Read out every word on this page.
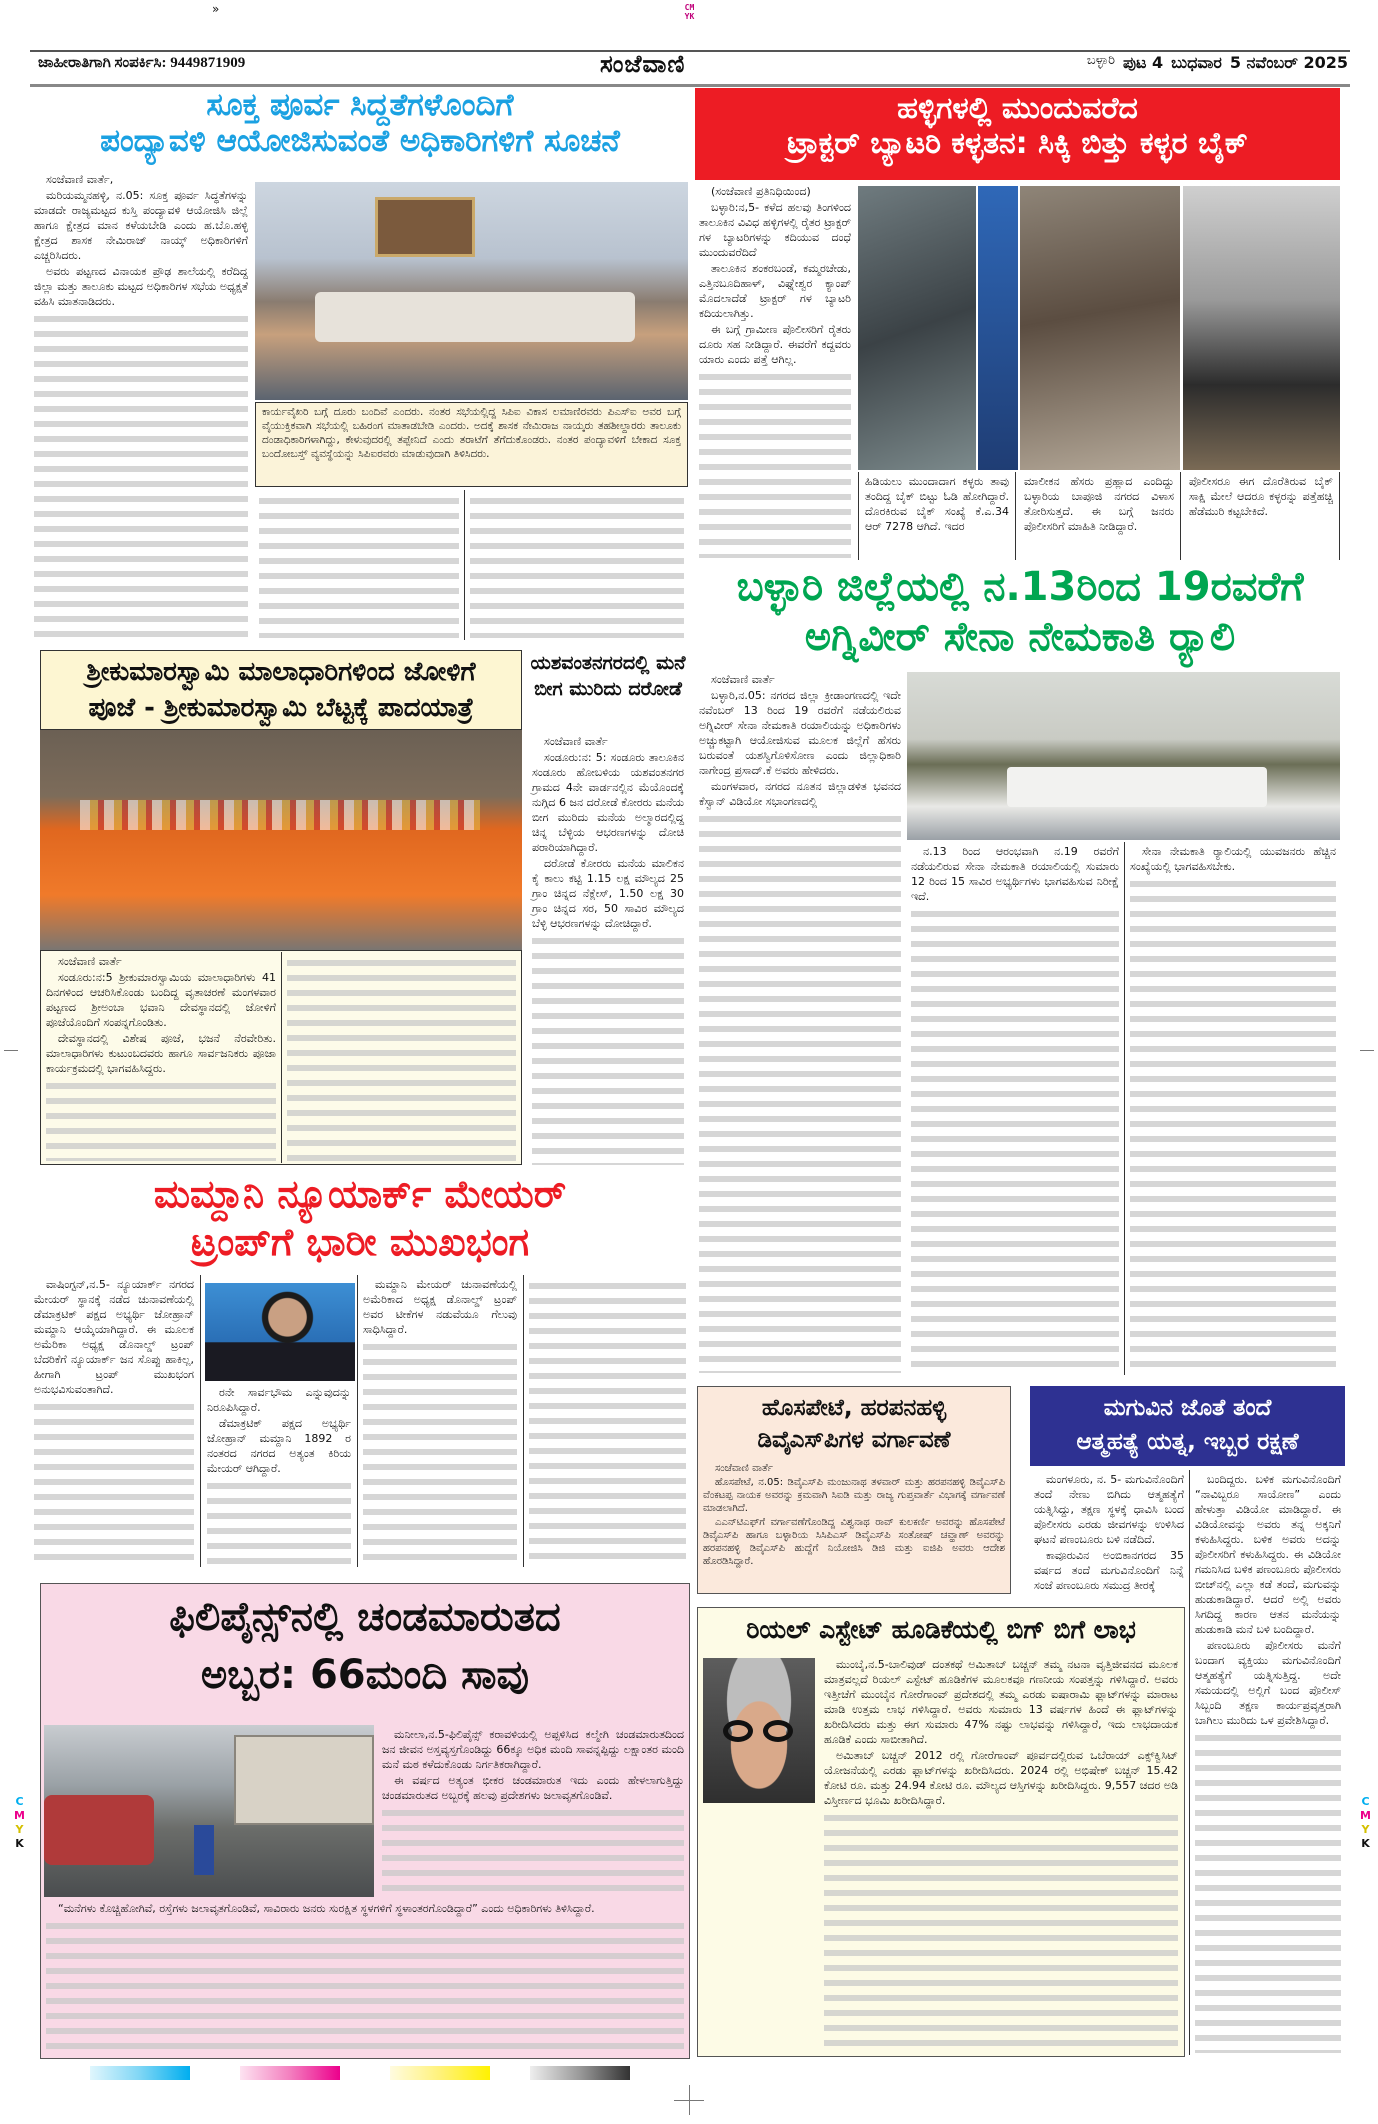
»	CMYK
ಜಾಹೀರಾತಿಗಾಗಿ ಸಂಪರ್ಕಿಸಿ: 9449871909	ಸಂಜೆವಾಣಿ	ಬಳ್ಳಾರಿ ಪುಟ 4 ಬುಧವಾರ 5 ನವೆಂಬರ್ 2025
ಸೂಕ್ತ ಪೂರ್ವ ಸಿದ್ದತೆಗಳೊಂದಿಗೆ
ಪಂದ್ಯಾವಳಿ ಆಯೋಜಿಸುವಂತೆ ಅಧಿಕಾರಿಗಳಿಗೆ ಸೂಚನೆ

ಸಂಜೆವಾಣಿ ವಾರ್ತೆ,

ಮರಿಯಮ್ಮನಹಳ್ಳಿ, ನ.05: ಸೂಕ್ತ ಪೂರ್ವ ಸಿದ್ಧತೆಗಳನ್ನು ಮಾಡದೇ ರಾಜ್ಯಮಟ್ಟದ ಕುಸ್ತಿ ಪಂದ್ಯಾವಳಿ ಆಯೋಜಿಸಿ ಜಿಲ್ಲೆ ಹಾಗೂ ಕ್ಷೇತ್ರದ ಮಾನ ಕಳೆಯಬೇಡಿ ಎಂದು ಹ.ಬೊ.ಹಳ್ಳಿ ಕ್ಷೇತ್ರದ ಶಾಸಕ ನೇಮಿರಾಜ್ ನಾಯ್ಕ್ ಅಧಿಕಾರಿಗಳಿಗೆ ಎಚ್ಚರಿಸಿದರು.

ಅವರು ಪಟ್ಟಣದ ವಿನಾಯಕ ಪ್ರೌಢ ಶಾಲೆಯಲ್ಲಿ ಕರೆದಿದ್ದ ಜಿಲ್ಲಾ ಮತ್ತು ತಾಲೂಕು ಮಟ್ಟದ ಅಧಿಕಾರಿಗಳ ಸಭೆಯ ಅಧ್ಯಕ್ಷತೆ ವಹಿಸಿ ಮಾತನಾಡಿದರು.

ಕಾರ್ಯವೈಖರಿ ಬಗ್ಗೆ ದೂರು ಬಂದಿವೆ ಎಂದರು. ನಂತರ ಸಭೆಯಲ್ಲಿದ್ದ ಸಿಪಿಐ ವಿಕಾಸ ಲಮಾಣಿರವರು ಪಿಎಸ್ಐ ಅವರ ಬಗ್ಗೆ ವೈಯುಕ್ತಿಕವಾಗಿ ಸಭೆಯಲ್ಲಿ ಬಹಿರಂಗ ಮಾತಾಡಬೇಡಿ ಎಂದರು. ಅದಕ್ಕೆ ಶಾಸಕ ನೇಮಿರಾಜ ನಾಯ್ಕರು ತಹಶೀಲ್ದಾರರು ತಾಲೂಕು ದಂಡಾಧಿಕಾರಿಗಳಾಗಿದ್ದು, ಕೇಳುವುದರಲ್ಲಿ ತಪ್ಪೇನಿದೆ ಎಂದು ತರಾಟೆಗೆ ತೆಗೆದುಕೊಂಡರು. ನಂತರ ಪಂದ್ಯಾವಳಿಗೆ ಬೇಕಾದ ಸೂಕ್ತ ಬಂದೋಬಸ್ತ್ ವ್ಯವಸ್ಥೆಯನ್ನು ಸಿಪಿಐರವರು ಮಾಡುವುದಾಗಿ ತಿಳಿಸಿದರು.
ಹಳ್ಳಿಗಳಲ್ಲಿ ಮುಂದುವರೆದ
ಟ್ರಾಕ್ಟರ್ ಬ್ಯಾಟರಿ ಕಳ್ಳತನ: ಸಿಕ್ಕಿ ಬಿತ್ತು ಕಳ್ಳರ ಬೈಕ್

(ಸಂಜೆವಾಣಿ ಪ್ರತಿನಿಧಿಯಿಂದ)

ಬಳ್ಳಾರಿ:ನ,5- ಕಳೆದ ಹಲವು ತಿಂಗಳಿಂದ ತಾಲೂಕಿನ ವಿವಿಧ ಹಳ್ಳಿಗಳಲ್ಲಿ ರೈತರ ಟ್ರಾಕ್ಟರ್ ಗಳ ಬ್ಯಾಟರಿಗಳನ್ನು ಕದಿಯುವ ದಂಧೆ ಮುಂದುವರೆದಿದೆ

ತಾಲೂಕಿನ ಶಂಕರಬಂಡೆ, ಕಮ್ಮರಚೇಡು, ಎತ್ತಿನಬೂದಿಹಾಳ್, ವಿಘ್ನೇಶ್ವರ ಕ್ಯಾಂಪ್ ಮೊದಲಾದೆಡೆ ಟ್ರಾಕ್ಟರ್ ಗಳ ಬ್ಯಾಟರಿ ಕದಿಯಲಾಗಿತ್ತು.

ಈ ಬಗ್ಗೆ ಗ್ರಾಮೀಣ ಪೊಲೀಸರಿಗೆ ರೈತರು ದೂರು ಸಹ ನೀಡಿದ್ದಾರೆ. ಈವರೆಗೆ ಕದ್ದವರು ಯಾರು ಎಂದು ಪತ್ತೆ ಆಗಿಲ್ಲ.

ಹಿಡಿಯಲು ಮುಂದಾದಾಗ ಕಳ್ಳರು ತಾವು ತಂದಿದ್ದ ಬೈಕ್ ಬಿಟ್ಟು ಓಡಿ ಹೋಗಿದ್ದಾರೆ. ದೊರಕಿರುವ ಬೈಕ್ ಸಂಖ್ಯೆ ಕೆ.ಎ.34 ಆರ್ 7278 ಆಗಿದೆ. ಇದರ
ಮಾಲೀಕನ ಹೆಸರು ಪ್ರಹ್ಲಾದ ಎಂದಿದ್ದು ಬಳ್ಳಾರಿಯ ಬಾಪೂಜಿ ನಗರದ ವಿಳಾಸ ತೋರಿಸುತ್ತದೆ. ಈ ಬಗ್ಗೆ ಜನರು ಪೊಲೀಸರಿಗೆ ಮಾಹಿತಿ ನೀಡಿದ್ದಾರೆ.
ಪೊಲೀಸರೂ ಈಗ ದೊರೆತಿರುವ ಬೈಕ್ ಸಾಕ್ಷಿ ಮೇಲೆ ಆದರೂ ಕಳ್ಳರನ್ನು ಪತ್ತೆಹಚ್ಚಿ ಹೆಡೆಮುರಿ ಕಟ್ಟಬೇಕಿದೆ.
ಬಳ್ಳಾರಿ ಜಿಲ್ಲೆಯಲ್ಲಿ ನ.13ರಿಂದ 19ರವರೆಗೆ
ಅಗ್ನಿವೀರ್ ಸೇನಾ ನೇಮಕಾತಿ ರ್‍ಯಾಲಿ

ಸಂಜೆವಾಣಿ ವಾರ್ತೆ

ಬಳ್ಳಾರಿ,ನ.05: ನಗರದ ಜಿಲ್ಲಾ ಕ್ರೀಡಾಂಗಣದಲ್ಲಿ ಇದೇ ನವೆಂಬರ್ 13 ರಿಂದ 19 ರವರೆಗೆ ನಡೆಯಲಿರುವ ಅಗ್ನಿವೀರ್ ಸೇನಾ ನೇಮಕಾತಿ ರಯಾಲಿಯನ್ನು ಅಧಿಕಾರಿಗಳು ಅಚ್ಚುಕಟ್ಟಾಗಿ ಆಯೋಜಿಸುವ ಮೂಲಕ ಜಿಲ್ಲೆಗೆ ಹೆಸರು ಬರುವಂತೆ ಯಶಸ್ವಿಗೊಳಿಸೋಣ ಎಂದು ಜಿಲ್ಲಾಧಿಕಾರಿ ನಾಗೇಂದ್ರ ಪ್ರಸಾದ್.ಕೆ ಅವರು ಹೇಳಿದರು.

ಮಂಗಳವಾರ, ನಗರದ ನೂತನ ಜಿಲ್ಲಾಡಳಿತ ಭವನದ ಕೆಸ್ವಾನ್ ವಿಡಿಯೋ ಸಭಾಂಗಣದಲ್ಲಿ

ನ.13 ರಿಂದ ಆರಂಭವಾಗಿ ನ.19 ರವರೆಗೆ ನಡೆಯಲಿರುವ ಸೇನಾ ನೇಮಕಾತಿ ರಯಾಲಿಯಲ್ಲಿ ಸುಮಾರು 12 ರಿಂದ 15 ಸಾವಿರ ಅಭ್ಯರ್ಥಿಗಳು ಭಾಗವಹಿಸುವ ನಿರೀಕ್ಷೆ ಇದೆ.

ಸೇನಾ ನೇಮಕಾತಿ ರ್‍ಯಾಲಿಯಲ್ಲಿ ಯುವಜನರು ಹೆಚ್ಚಿನ ಸಂಖ್ಯೆಯಲ್ಲಿ ಭಾಗವಹಿಸಬೇಕು.

ಶ್ರೀಕುಮಾರಸ್ವಾಮಿ ಮಾಲಾಧಾರಿಗಳಿಂದ ಜೋಳಿಗೆ
ಪೂಜೆ - ಶ್ರೀಕುಮಾರಸ್ವಾಮಿ ಬೆಟ್ಟಕ್ಕೆ ಪಾದಯಾತ್ರೆ

ಸಂಜೆವಾಣಿ ವಾರ್ತೆ

ಸಂಡೂರು:ನ:5 ಶ್ರೀಕುಮಾರಸ್ವಾಮಿಯ ಮಾಲಾಧಾರಿಗಳು 41 ದಿನಗಳಿಂದ ಆಚರಿಸಿಕೊಂಡು ಬಂದಿದ್ದ ವೃತಾಚರಣೆ ಮಂಗಳವಾರ ಪಟ್ಟಣದ ಶ್ರೀಅಂಬಾ ಭವಾನಿ ದೇವಸ್ಥಾನದಲ್ಲಿ ಜೋಳಿಗೆ ಪೂಜೆಯೊಂದಿಗೆ ಸಂಪನ್ನಗೊಂಡಿತು.

ದೇವಸ್ಥಾನದಲ್ಲಿ ವಿಶೇಷ ಪೂಜೆ, ಭಜನೆ ನೆರವೇರಿತು. ಮಾಲಾಧಾರಿಗಳು ಕುಟುಂಬದವರು ಹಾಗೂ ಸಾರ್ವಜನಿಕರು ಪೂಜಾ ಕಾರ್ಯಕ್ರಮದಲ್ಲಿ ಭಾಗವಹಿಸಿದ್ದರು.

ಯಶವಂತನಗರದಲ್ಲಿ ಮನೆ ಬೀಗ ಮುರಿದು ದರೋಡೆ

ಸಂಜೆವಾಣಿ ವಾರ್ತೆ

ಸಂಡೂರು:ನ: 5: ಸಂಡೂರು ತಾಲೂಕಿನ ಸಂಡೂರು ಹೋಬಳಿಯ ಯಶವಂತನಗರ ಗ್ರಾಮದ 4ನೇ ವಾರ್ಡನಲ್ಲಿನ ಮೆಯೊಂದಕ್ಕೆ ನುಗ್ಗಿದ 6 ಜನ ದರೋಡೆ ಕೋರರು ಮನೆಯ ಬೀಗ ಮುರಿದು ಮನೆಯ ಅಲ್ಮಾರದಲ್ಲಿದ್ದ ಚಿನ್ನ ಬೆಳ್ಳಿಯ ಆಭರಣಗಳನ್ನು ದೋಚಿ ಪರಾರಿಯಾಗಿದ್ದಾರೆ.

ದರೋಡೆ ಕೋರರು ಮನೆಯ ಮಾಲಿಕನ ಕೈ ಕಾಲು ಕಟ್ಟಿ 1.15 ಲಕ್ಷ ಮೌಲ್ಯದ 25 ಗ್ರಾಂ ಚಿನ್ನದ ನೆಕ್ಲೇಸ್, 1.50 ಲಕ್ಷ 30 ಗ್ರಾಂ ಚಿನ್ನದ ಸರ, 50 ಸಾವಿರ ಮೌಲ್ಯದ ಬೆಳ್ಳಿ ಆಭರಣಗಳನ್ನು ದೋಚಿದ್ದಾರೆ.

ಮಮ್ದಾನಿ ನ್ಯೂಯಾರ್ಕ್ ಮೇಯರ್
ಟ್ರಂಪ್‌ಗೆ ಭಾರೀ ಮುಖಭಂಗ

ವಾಷಿಂಗ್ಟನ್,ನ.5- ನ್ಯೂಯಾರ್ಕ್ ನಗರದ ಮೇಯರ್ ಸ್ಥಾನಕ್ಕೆ ನಡೆದ ಚುನಾವಣೆಯಲ್ಲಿ ಡೆಮಾಕ್ರಟಿಕ್ ಪಕ್ಷದ ಅಭ್ಯರ್ಥಿ ಜೋಹ್ರಾನ್ ಮಮ್ದಾನಿ ಆಯ್ಕೆಯಾಗಿದ್ದಾರೆ. ಈ ಮೂಲಕ ಅಮೆರಿಕಾ ಅಧ್ಯಕ್ಷ ಡೊನಾಲ್ಡ್ ಟ್ರಂಪ್ ಬೆದರಿಕೆಗೆ ನ್ಯೂಯಾರ್ಕ್ ಜನ ಸೊಪ್ಪು ಹಾಕಿಲ್ಲ, ಹೀಗಾಗಿ ಟ್ರಂಪ್ ಮುಖಭಂಗ ಅನುಭವಿಸುವಂತಾಗಿದೆ.	ರನೇ ಸಾರ್ವಭೌಮ ಎನ್ನುವುದನ್ನು ನಿರೂಪಿಸಿದ್ದಾರೆ.

ಡೆಮಾಕ್ರಟಿಕ್ ಪಕ್ಷದ ಅಭ್ಯರ್ಥಿ ಜೋಹ್ರಾನ್ ಮಮ್ದಾನಿ 1892 ರ ನಂತರದ ನಗರದ ಅತ್ಯಂತ ಕಿರಿಯ ಮೇಯರ್ ಆಗಿದ್ದಾರೆ.

ಮಮ್ದಾನಿ ಮೇಯರ್ ಚುನಾವಣೆಯಲ್ಲಿ ಅಮೆರಿಕಾದ ಅಧ್ಯಕ್ಷ ಡೊನಾಲ್ಡ್ ಟ್ರಂಪ್ ಅವರ ಟೀಕೆಗಳ ನಡುವೆಯೂ ಗೆಲುವು ಸಾಧಿಸಿದ್ದಾರೆ.

ಹೊಸಪೇಟೆ, ಹರಪನಹಳ್ಳಿ
ಡಿವೈಎಸ್‌ಪಿಗಳ ವರ್ಗಾವಣೆ

ಸಂಜೆವಾಣಿ ವಾರ್ತೆ

ಹೊಸಪೇಟೆ, ನ.05: ಡಿವೈಎಸ್‌ಪಿ ಮಂಜುನಾಥ ತಳವಾರ್ ಮತ್ತು ಹರಪನಹಳ್ಳಿ ಡಿವೈಎಸ್‌ಪಿ ವೆಂಕಟಪ್ಪ ನಾಯಕ ಅವರನ್ನು ಕ್ರಮವಾಗಿ ಸಿಐಡಿ ಮತ್ತು ರಾಜ್ಯ ಗುಪ್ತವಾರ್ತೆ ವಿಭಾಗಕ್ಕೆ ವರ್ಗಾವಣೆ ಮಾಡಲಾಗಿದೆ.

ಎಎನ್‌ಟಿಎಫ್‌ಗೆ ವರ್ಗಾವಣೆಗೊಂಡಿದ್ದ ವಿಶ್ವನಾಥ ರಾವ್ ಕುಲಕರ್ಣಿ ಅವರನ್ನು ಹೊಸಪೇಟೆ ಡಿವೈಎಸ್‌ಪಿ ಹಾಗೂ ಬಳ್ಳಾರಿಯ ಸಿಸಿಪಿಎಸ್ ಡಿವೈಎಸ್‌ಪಿ ಸಂತೋಷ್ ಚವ್ಹಾಣ್ ಅವರನ್ನು ಹರಪನಹಳ್ಳಿ ಡಿವೈಎಸ್‌ಪಿ ಹುದ್ದೆಗೆ ನಿಯೋಜಿಸಿ ಡಿಜಿ ಮತ್ತು ಐಜಿಪಿ ಅವರು ಆದೇಶ ಹೊರಡಿಸಿದ್ದಾರೆ.

ಮಗುವಿನ ಜೊತೆ ತಂದೆ
ಆತ್ಮಹತ್ಯೆ ಯತ್ನ, ಇಬ್ಬರ ರಕ್ಷಣೆ

ಮಂಗಳೂರು, ನ. 5- ಮಗುವಿನೊಂದಿಗೆ ತಂದೆ ನೇಣು ಬಿಗಿದು ಆತ್ಮಹತ್ಯೆಗೆ ಯತ್ನಿಸಿದ್ದು, ತಕ್ಷಣ ಸ್ಥಳಕ್ಕೆ ಧಾವಿಸಿ ಬಂದ ಪೊಲೀಸರು ಎರಡು ಜೀವಗಳನ್ನು ಉಳಿಸಿದ ಘಟನೆ ಪಣಂಬೂರು ಬಳಿ ನಡೆದಿದೆ.

ಕಾವೂರುವಿನ ಅಂಬಿಕಾನಗರದ 35 ವರ್ಷದ ತಂದೆ ಮಗುವಿನೊಂದಿಗೆ ನಿನ್ನೆ ಸಂಜೆ ಪಣಂಬೂರು ಸಮುದ್ರ ತೀರಕ್ಕೆ

ಬಂದಿದ್ದರು. ಬಳಿಕ ಮಗುವಿನೊಂದಿಗೆ “ನಾವಿಬ್ಬರೂ ಸಾಯೋಣ” ಎಂದು ಹೇಳುತ್ತಾ ವಿಡಿಯೋ ಮಾಡಿದ್ದಾರೆ. ಈ ವಿಡಿಯೋವನ್ನು ಅವರು ತನ್ನ ಅಕ್ಕನಿಗೆ ಕಳುಹಿಸಿದ್ದರು. ಬಳಿಕ ಅವರು ಅದನ್ನು ಪೊಲೀಸರಿಗೆ ಕಳುಹಿಸಿದ್ದರು. ಈ ವಿಡಿಯೋ ಗಮನಿಸಿದ ಬಳಿಕ ಪಣಂಬೂರು ಪೊಲೀಸರು ಬೀಚ್‌ನಲ್ಲಿ ಎಲ್ಲಾ ಕಡೆ ತಂದೆ, ಮಗುವನ್ನು ಹುಡುಕಾಡಿದ್ದಾರೆ. ಆದರೆ ಅಲ್ಲಿ ಅವರು ಸಿಗದಿದ್ದ ಕಾರಣ ಆತನ ಮನೆಯನ್ನು ಹುಡುಕಾಡಿ ಮನೆ ಬಳಿ ಬಂದಿದ್ದಾರೆ.

ಪಣಂಬೂರು ಪೊಲೀಸರು ಮನೆಗೆ ಬಂದಾಗ ವ್ಯಕ್ತಿಯು ಮಗುವಿನೊಂದಿಗೆ ಆತ್ಮಹತ್ಯೆಗೆ ಯತ್ನಿಸುತ್ತಿದ್ದ. ಅದೇ ಸಮಯದಲ್ಲಿ ಅಲ್ಲಿಗೆ ಬಂದ ಪೊಲೀಸ್ ಸಿಬ್ಬಂದಿ ತಕ್ಷಣ ಕಾರ್ಯಪ್ರವೃತ್ತರಾಗಿ ಬಾಗಿಲು ಮುರಿದು ಒಳ ಪ್ರವೇಶಿಸಿದ್ದಾರೆ.

ರಿಯಲ್ ಎಸ್ಟೇಟ್ ಹೂಡಿಕೆಯಲ್ಲಿ ಬಿಗ್ ಬಿಗೆ ಲಾಭ

ಮುಂಬೈ,ನ.5-ಬಾಲಿವುಡ್ ದಂತಕಥೆ ಅಮಿತಾಬ್ ಬಚ್ಚನ್ ತಮ್ಮ ನಟನಾ ವೃತ್ತಿಜೀವನದ ಮೂಲಕ ಮಾತ್ರವಲ್ಲದೆ ರಿಯಲ್ ಎಸ್ಟೇಟ್ ಹೂಡಿಕೆಗಳ ಮೂಲಕವೂ ಗಣನೀಯ ಸಂಪತ್ತನ್ನು ಗಳಿಸಿದ್ದಾರೆ. ಅವರು ಇತ್ತೀಚೆಗೆ ಮುಂಬೈನ ಗೋರೆಗಾಂವ್ ಪ್ರದೇಶದಲ್ಲಿ ತಮ್ಮ ಎರಡು ಐಷಾರಾಮಿ ಫ್ಲಾಟ್‌ಗಳನ್ನು ಮಾರಾಟ ಮಾಡಿ ಉತ್ತಮ ಲಾಭ ಗಳಿಸಿದ್ದಾರೆ. ಅವರು ಸುಮಾರು 13 ವರ್ಷಗಳ ಹಿಂದೆ ಈ ಫ್ಲಾಟ್‌ಗಳನ್ನು ಖರೀದಿಸಿದರು ಮತ್ತು ಈಗ ಸುಮಾರು 47% ನಷ್ಟು ಲಾಭವನ್ನು ಗಳಿಸಿದ್ದಾರೆ, ಇದು ಲಾಭದಾಯಕ ಹೂಡಿಕೆ ಎಂದು ಸಾಬೀತಾಗಿದೆ.

ಅಮಿತಾಬ್ ಬಚ್ಚನ್ 2012 ರಲ್ಲಿ ಗೋರೆಗಾಂವ್ ಪೂರ್ವದಲ್ಲಿರುವ ಒಬೆರಾಯ್ ಎಕ್ಸ್‌ಕ್ವಿಸಿಟ್ ಯೋಜನೆಯಲ್ಲಿ ಎರಡು ಫ್ಲಾಟ್‌ಗಳನ್ನು ಖರೀದಿಸಿದರು. 2024 ರಲ್ಲಿ ಅಭಿಷೇಕ್ ಬಚ್ಚನ್ 15.42 ಕೋಟಿ ರೂ. ಮತ್ತು 24.94 ಕೋಟಿ ರೂ. ಮೌಲ್ಯದ ಆಸ್ತಿಗಳನ್ನು ಖರೀದಿಸಿದ್ದರು. 9,557 ಚದರ ಅಡಿ ವಿಸ್ತೀರ್ಣದ ಭೂಮಿ ಖರೀದಿಸಿದ್ದಾರೆ.

ಫಿಲಿಪೈನ್ಸ್‌ನಲ್ಲಿ ಚಂಡಮಾರುತದ
ಅಬ್ಬರ: 66ಮಂದಿ ಸಾವು

ಮನೀಲಾ,ನ.5-ಫಿಲಿಪೈನ್ಸ್ ಕರಾವಳಿಯಲ್ಲಿ ಅಪ್ಪಳಿಸಿದ ಕಲ್ಮೇಗಿ ಚಂಡಮಾರುತದಿಂದ ಜನ ಜೀವನ ಅಸ್ತವ್ಯಸ್ತಗೊಂಡಿದ್ದು 66ಕ್ಕೂ ಅಧಿಕ ಮಂದಿ ಸಾವನ್ನಪ್ಪಿದ್ದು ಲಕ್ಷಾಂತರ ಮಂದಿ ಮನೆ ಮಠ ಕಳೆದುಕೊಂಡು ನಿರ್ಗತಿಕರಾಗಿದ್ದಾರೆ.

ಈ ವರ್ಷದ ಅತ್ಯಂತ ಭೀಕರ ಚಂಡಮಾರುತ ಇದು ಎಂದು ಹೇಳಲಾಗುತ್ತಿದ್ದು ಚಂಡಮಾರುತದ ಅಬ್ಬರಕ್ಕೆ ಹಲವು ಪ್ರದೇಶಗಳು ಜಲಾವೃತಗೊಂಡಿವೆ.

“ಮನೆಗಳು ಕೊಚ್ಚಿಹೋಗಿವೆ, ರಸ್ತೆಗಳು ಜಲಾವೃತಗೊಂಡಿವೆ, ಸಾವಿರಾರು ಜನರು ಸುರಕ್ಷಿತ ಸ್ಥಳಗಳಿಗೆ ಸ್ಥಳಾಂತರಗೊಂಡಿದ್ದಾರೆ” ಎಂದು ಅಧಿಕಾರಿಗಳು ತಿಳಿಸಿದ್ದಾರೆ.

C
M
Y
K
C
M
Y
K
